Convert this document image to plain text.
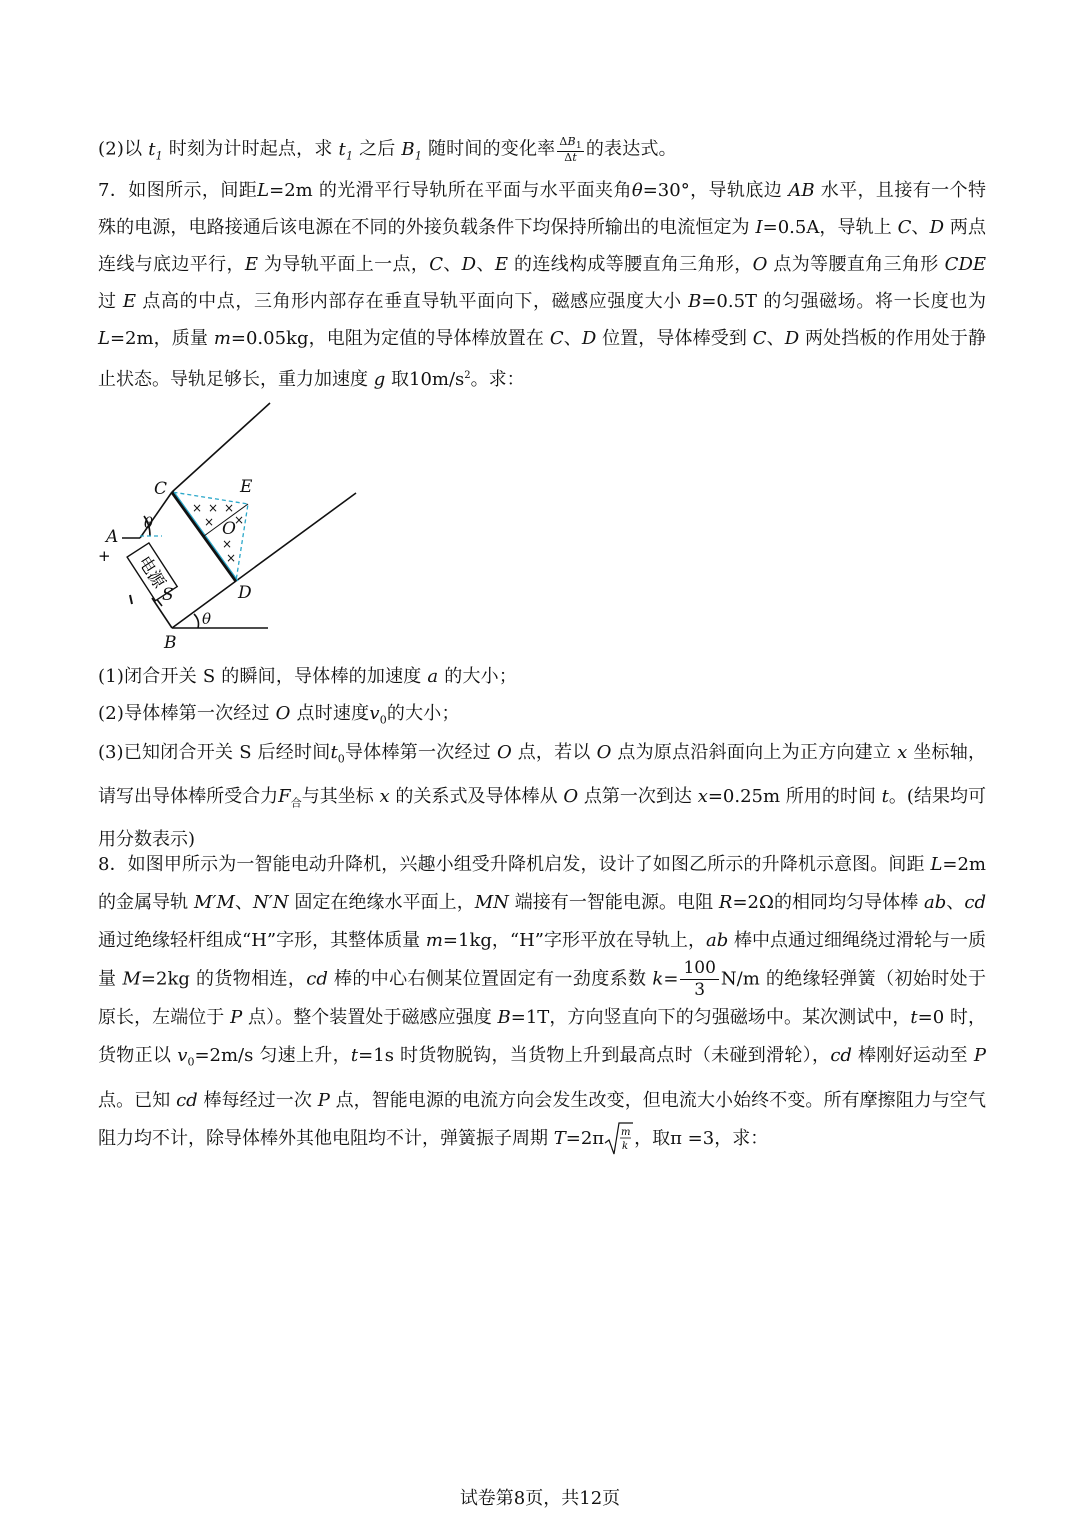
(2)以 $t_1$ 时刻为计时起点，求 $t_1$ 之后 $B_1$ 随时间的变化率 $\frac{\Delta B_1}{\Delta t}$ 的表达式。
7．如图所示，间距L=2m 的光滑平行导轨所在平面与水平面夹角θ=30°，导轨底边 AB 水平，且接有一个特殊的电源，电路接通后该电源在不同的外接负载条件下均保持所输出的电流恒定为 I=0.5A，导轨上 C、D 两点连线与底边平行，E 为导轨平面上一点，C、D、E 的连线构成等腰直角三角形，O 点为等腰直角三角形 CDE 过 E 点高的中点，三角形内部存在垂直导轨平面向下，磁感应强度大小 B=0.5T 的匀强磁场。将一长度也为 L=2m，质量 m=0.05kg，电阻为定值的导体棒放置在 C、D 位置，导体棒受到 C、D 两处挡板的作用处于静止状态。导轨足够长，重力加速度 g 取$10m/s^2$。求：
电源
× × ×
× ×
×
×
C	E
A	O
D
S
B
θ
θ
+
(1)闭合开关 S 的瞬间，导体棒的加速度 a 的大小；
(2)导体棒第一次经过 O 点时速度$v_0$的大小；
(3)已知闭合开关 S 后经时间$t_0$导体棒第一次经过 O 点，若以 O 点为原点沿斜面向上为正方向建立 x 坐标轴，请写出导体棒所受合力$F_合$与其坐标 x 的关系式及导体棒从 O 点第一次到达 x=0.25m 所用的时间 t。(结果均可用分数表示)
8．如图甲所示为一智能电动升降机，兴趣小组受升降机启发，设计了如图乙所示的升降机示意图。间距 L=2m 的金属导轨 M′M、N′N 固定在绝缘水平面上，MN 端接有一智能电源。电阻 R=2Ω的相同均匀导体棒 ab、cd 通过绝缘轻杆组成“H”字形，其整体质量 m=1kg，“H”字形平放在导轨上，ab 棒中点通过细绳绕过滑轮与一质量 M=2kg 的货物相连，cd 棒的中心右侧某位置固定有一劲度系数 $k= \frac{100}{3} N/m$ 的绝缘轻弹簧（初始时处于原长，左端位于 P 点）。整个装置处于磁感应强度 B=1T，方向竖直向下的匀强磁场中。某次测试中，t=0 时，货物正以 $v_0=2m/s$ 匀速上升，t=1s 时货物脱钩，当货物上升到最高点时（未碰到滑轮），cd 棒刚好运动至 P 点。已知 cd 棒每经过一次 P 点，智能电源的电流方向会发生改变，但电流大小始终不变。所有摩擦阻力与空气阻力均不计，除导体棒外其他电阻均不计，弹簧振子周期 T=2π m
k ，取π =3，求：
试卷第8页，共12页
